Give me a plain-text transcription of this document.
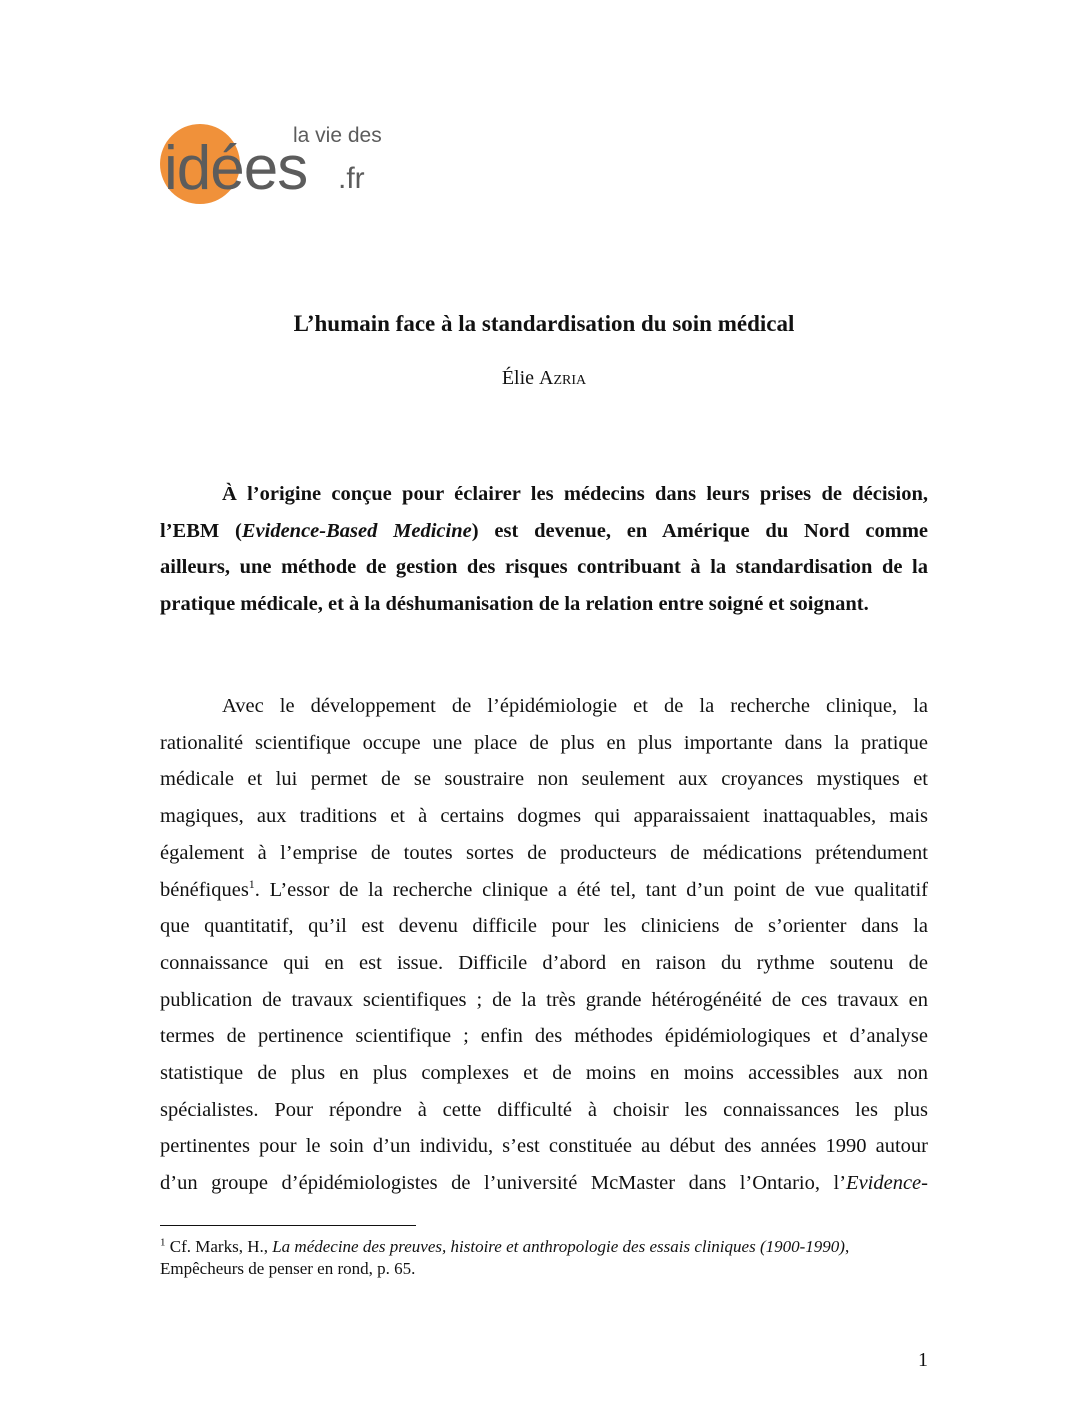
idées .fr
la vie des
L’humain face à la standardisation du soin médical
Élie Azria

À l’origine conçue pour éclairer les médecins dans leurs prises de décision,
l’EBM (Evidence-Based Medicine) est devenue, en Amérique du Nord comme
ailleurs, une méthode de gestion des risques contribuant à la standardisation de la
pratique médicale, et à la déshumanisation de la relation entre soigné et soignant.

Avec le développement de l’épidémiologie et de la recherche clinique, la
rationalité scientifique occupe une place de plus en plus importante dans la pratique
médicale et lui permet de se soustraire non seulement aux croyances mystiques et
magiques, aux traditions et à certains dogmes qui apparaissaient inattaquables, mais
également à l’emprise de toutes sortes de producteurs de médications prétendument
bénéfiques$^1$. L’essor de la recherche clinique a été tel, tant d’un point de vue qualitatif
que quantitatif, qu’il est devenu difficile pour les cliniciens de s’orienter dans la
connaissance qui en est issue. Difficile d’abord en raison du rythme soutenu de
publication de travaux scientifiques ; de la très grande hétérogénéité de ces travaux en
termes de pertinence scientifique ; enfin des méthodes épidémiologiques et d’analyse
statistique de plus en plus complexes et de moins en moins accessibles aux non
spécialistes. Pour répondre à cette difficulté à choisir les connaissances les plus
pertinentes pour le soin d’un individu, s’est constituée au début des années 1990 autour
d’un groupe d’épidémiologistes de l’université McMaster dans l’Ontario, l’Evidence-

$^1$ Cf. Marks, H., La médecine des preuves, histoire et anthropologie des essais cliniques (1900-1990),
Empêcheurs de penser en rond, p. 65.
1
